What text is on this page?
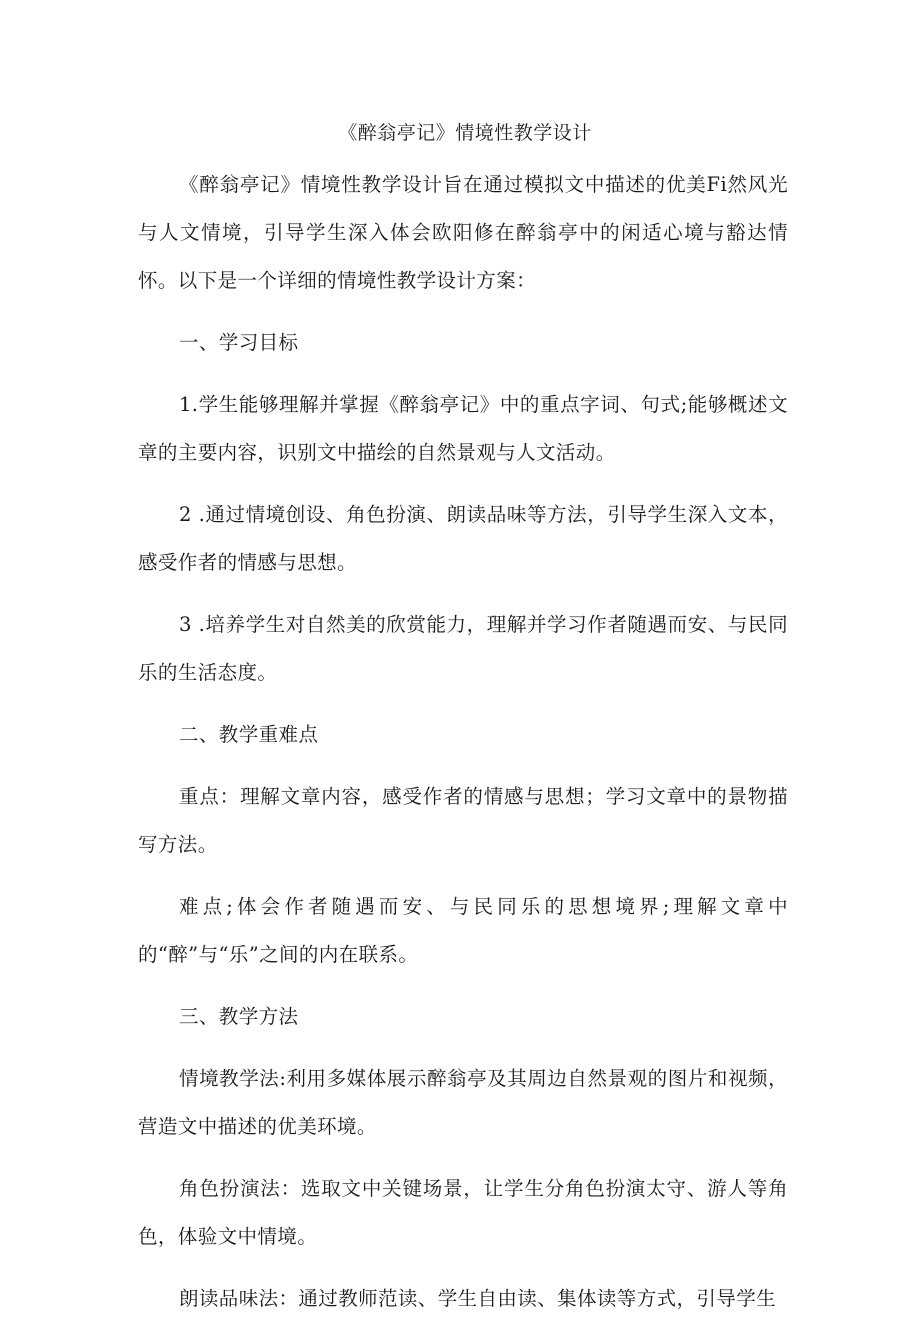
《醉翁亭记》情境性教学设计

《醉翁亭记》情境性教学设计旨在通过模拟文中描述的优美Fi然风光与人文情境，引导学生深入体会欧阳修在醉翁亭中的闲适心境与豁达情怀。以下是一个详细的情境性教学设计方案：

一、学习目标

1.学生能够理解并掌握《醉翁亭记》中的重点字词、句式;能够概述文章的主要内容，识别文中描绘的自然景观与人文活动。

2 .通过情境创设、角色扮演、朗读品味等方法，引导学生深入文本，感受作者的情感与思想。

3 .培养学生对自然美的欣赏能力，理解并学习作者随遇而安、与民同乐的生活态度。

二、教学重难点

重点：理解文章内容，感受作者的情感与思想；学习文章中的景物描写方法。

难点;体会作者随遇而安、与民同乐的思想境界;理解文章中的“醉”与“乐”之间的内在联系。

三、教学方法

情境教学法:利用多媒体展示醉翁亭及其周边自然景观的图片和视频，营造文中描述的优美环境。

角色扮演法：选取文中关键场景，让学生分角色扮演太守、游人等角色，体验文中情境。

朗读品味法：通过教师范读、学生自由读、集体读等方式，引导学生
